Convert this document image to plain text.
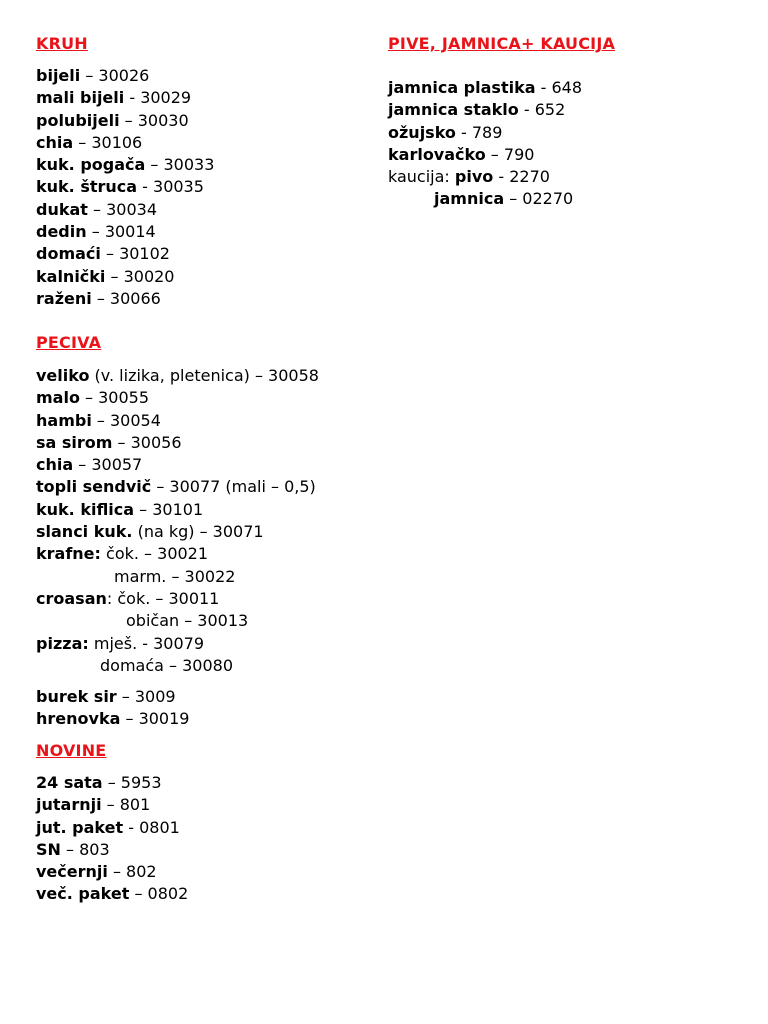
KRUH
bijeli – 30026
mali bijeli - 30029
polubijeli – 30030
chia – 30106
kuk. pogača – 30033
kuk. štruca - 30035
dukat – 30034
dedin – 30014
domaći – 30102
kalnički – 30020
raženi – 30066
PECIVA
veliko (v. lizika, pletenica) – 30058
malo – 30055
hambi – 30054
sa sirom – 30056
chia – 30057
topli sendvič – 30077 (mali – 0,5)
kuk. kiflica – 30101
slanci kuk. (na kg) – 30071
krafne: čok. – 30021
marm. – 30022
croasan: čok. – 30011
običan – 30013
pizza: mješ. - 30079
domaća – 30080
burek sir – 3009
hrenovka – 30019
NOVINE
24 sata – 5953
jutarnji – 801
jut. paket - 0801
SN – 803
večernji – 802
več. paket – 0802
PIVE, JAMNICA+ KAUCIJA
jamnica plastika - 648
jamnica staklo - 652
ožujsko - 789
karlovačko – 790
kaucija: pivo - 2270
jamnica – 02270
